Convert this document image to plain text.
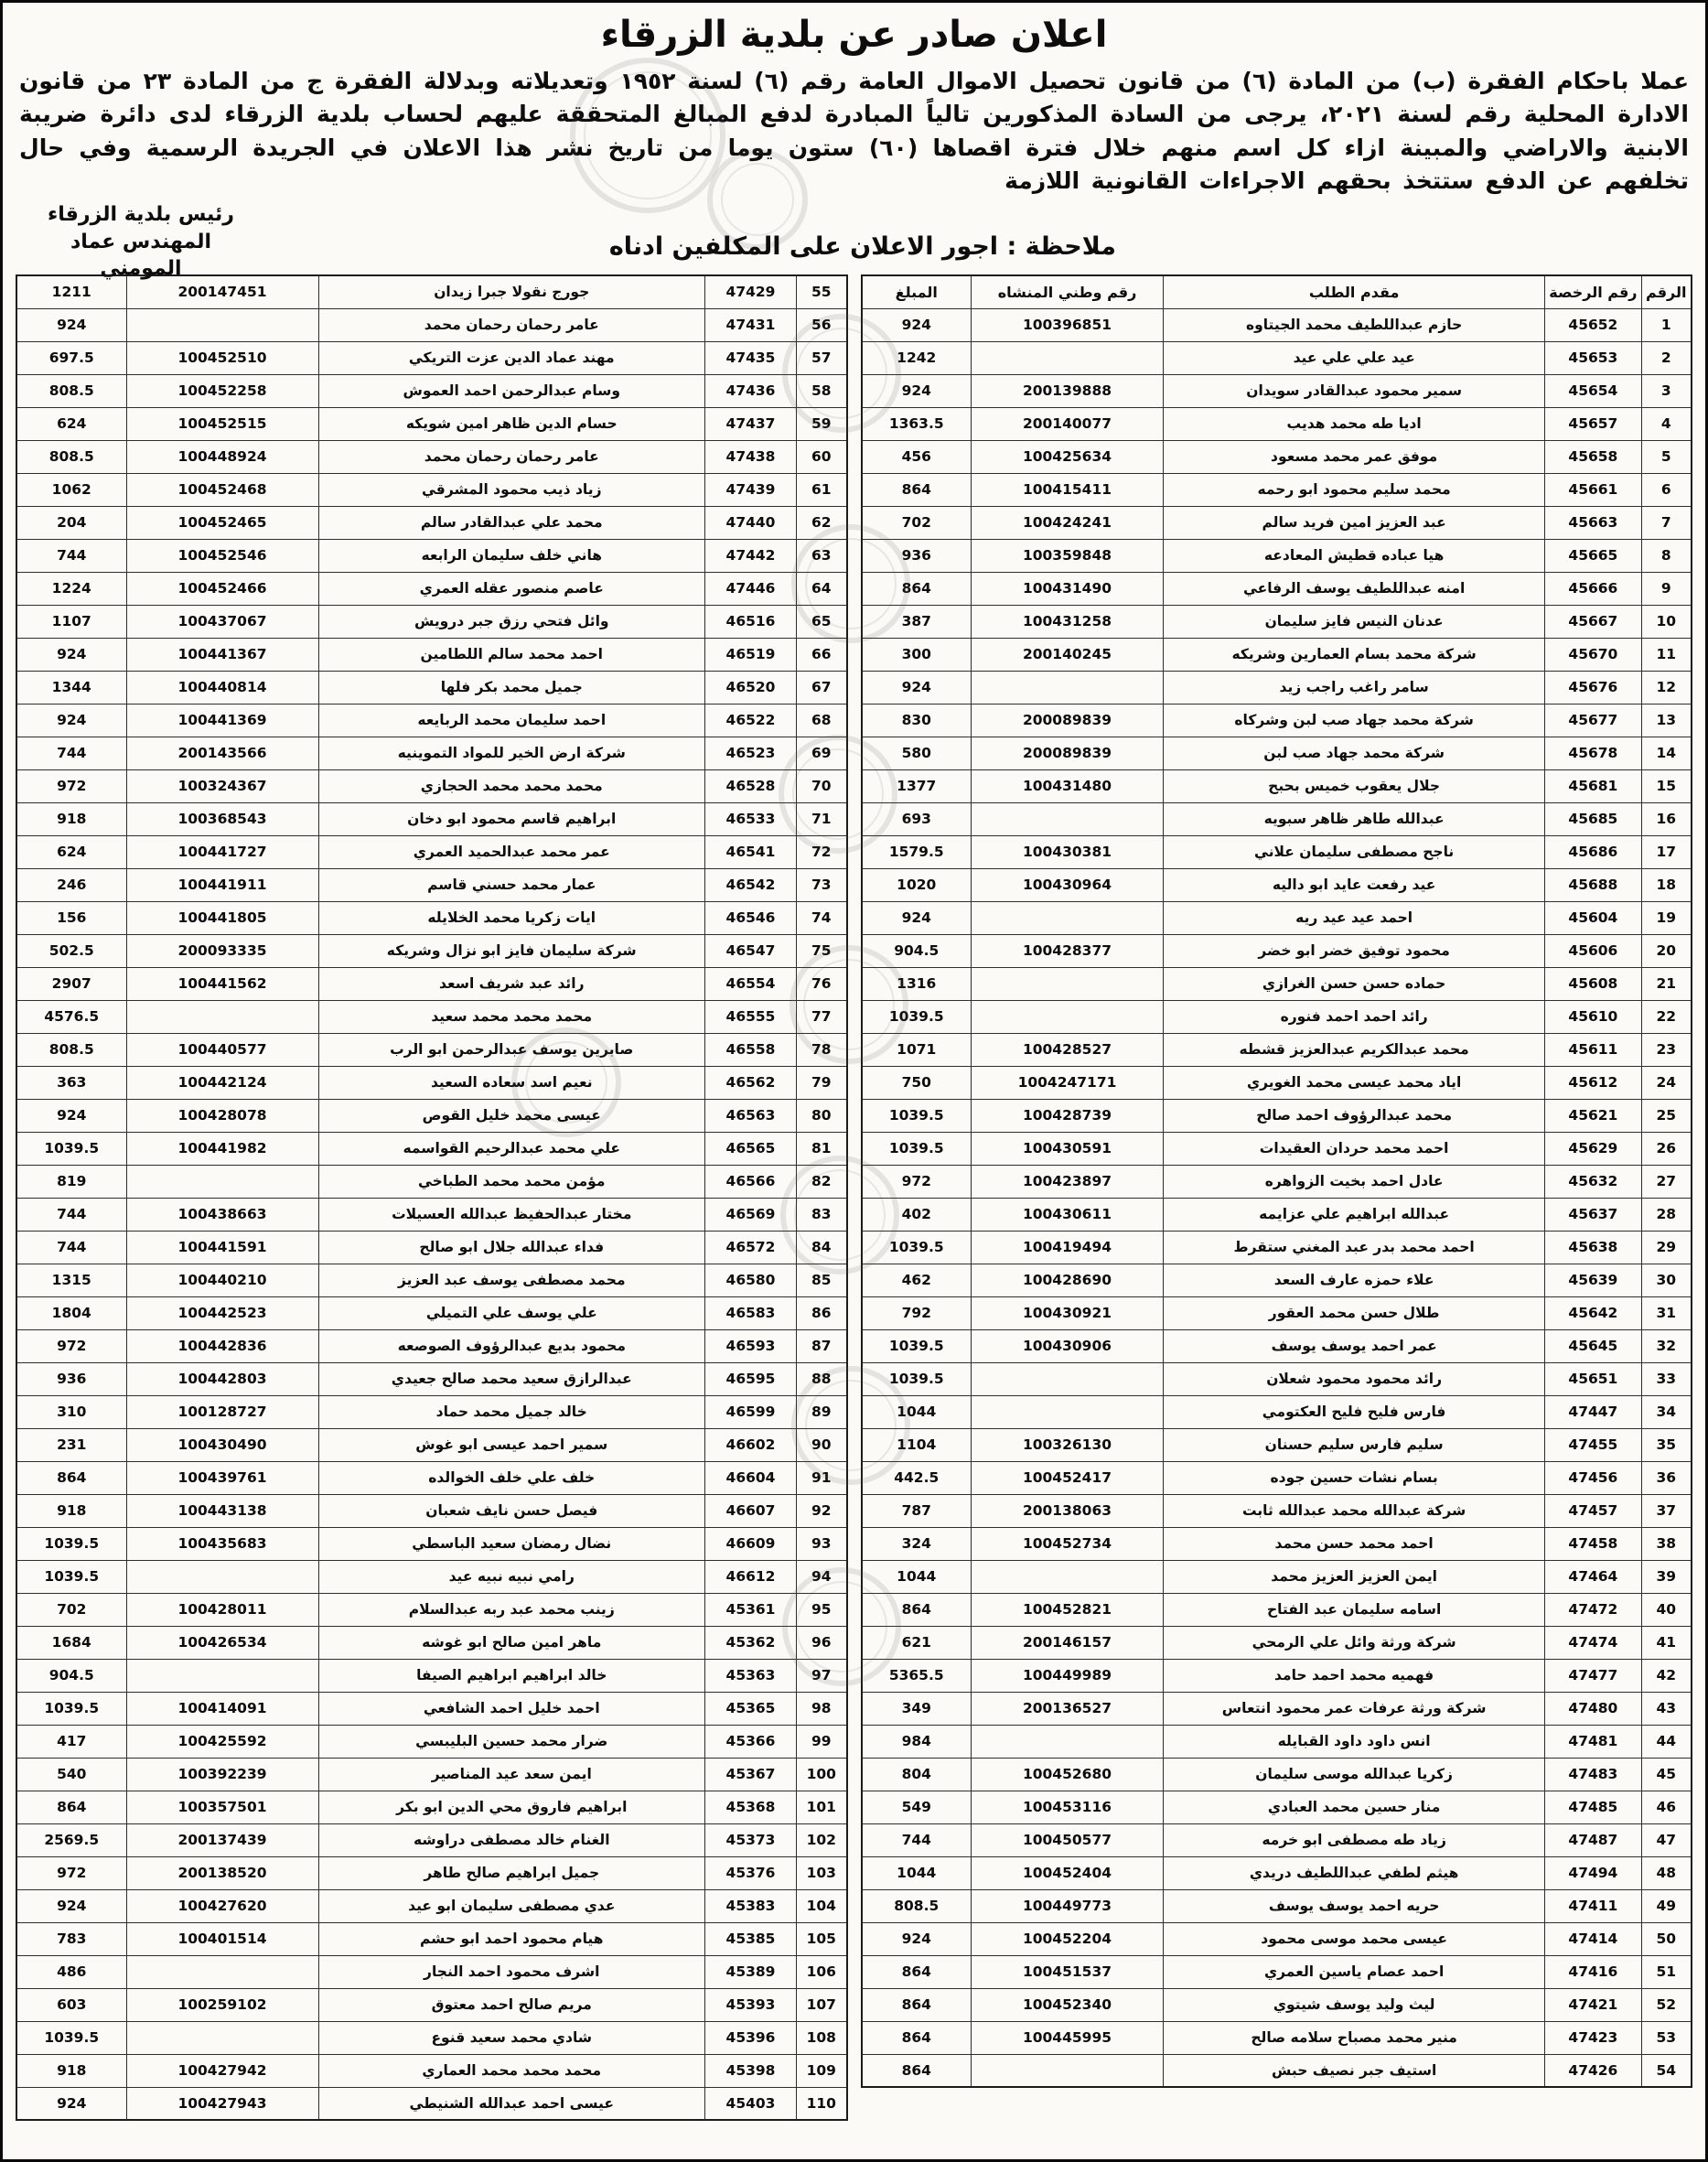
اعلان صادر عن بلدية الزرقاء

عملا باحكام الفقرة (ب) من المادة (٦) من قانون تحصيل الاموال العامة رقم (٦) لسنة ١٩٥٢ وتعديلاته وبدلالة الفقرة ج من المادة ٢٣ من قانون الادارة المحلية رقم لسنة ٢٠٢١، يرجى من السادة المذكورين تالياً المبادرة لدفع المبالغ المتحققة عليهم لحساب بلدية الزرقاء لدى دائرة ضريبة الابنية والاراضي والمبينة ازاء كل اسم منهم خلال فترة اقصاها (٦٠) ستون يوما من تاريخ نشر هذا الاعلان في الجريدة الرسمية وفي حال تخلفهم عن الدفع ستتخذ بحقهم الاجراءات القانونية اللازمة

ملاحظة : اجور الاعلان على المكلفين ادناه
رئيس بلدية الزرقاء
المهندس عماد المومني
الرقم	رقم الرخصة	مقدم الطلب	رقم وطني المنشاه	المبلغ
1	45652	حازم عبداللطيف محمد الجيتاوه	100396851	924
2	45653	عيد علي علي عيد		1242
3	45654	سمير محمود عبدالقادر سويدان	200139888	924
4	45657	اديا طه محمد هديب	200140077	1363.5
5	45658	موفق عمر محمد مسعود	100425634	456
6	45661	محمد سليم محمود ابو رحمه	100415411	864
7	45663	عبد العزيز امين فريد سالم	100424241	702
8	45665	هيا عباده قطيش المعادعه	100359848	936
9	45666	امنه عبداللطيف يوسف الرفاعي	100431490	864
10	45667	عدنان النيس فايز سليمان	100431258	387
11	45670	شركة محمد بسام العمارين وشريكه	200140245	300
12	45676	سامر راغب راجب زيد		924
13	45677	شركة محمد جهاد صب لبن وشركاه	200089839	830
14	45678	شركة محمد جهاد صب لبن	200089839	580
15	45681	جلال يعقوب خميس بحبح	100431480	1377
16	45685	عبدالله طاهر ظاهر سبويه		693
17	45686	ناجح مصطفى سليمان علاني	100430381	1579.5
18	45688	عيد رفعت عايد ابو داليه	100430964	1020
19	45604	احمد عيد عيد ريه		924
20	45606	محمود توفيق خضر ابو خضر	100428377	904.5
21	45608	حماده حسن حسن الغرازي		1316
22	45610	رائد احمد احمد فنوره		1039.5
23	45611	محمد عبدالكريم عبدالعزيز قشطه	100428527	1071
24	45612	اياد محمد عيسى محمد الغويري	1004247171	750
25	45621	محمد عبدالرؤوف احمد صالح	100428739	1039.5
26	45629	احمد محمد حردان العقيدات	100430591	1039.5
27	45632	عادل احمد بخيت الزواهره	100423897	972
28	45637	عبدالله ابراهيم علي عزايمه	100430611	402
29	45638	احمد محمد بدر عبد المغني ستقرط	100419494	1039.5
30	45639	علاء حمزه عارف السعد	100428690	462
31	45642	طلال حسن محمد العقور	100430921	792
32	45645	عمر احمد يوسف يوسف	100430906	1039.5
33	45651	رائد محمود محمود شعلان		1039.5
34	47447	فارس فليح فليح العكتومي		1044
35	47455	سليم فارس سليم حسنان	100326130	1104
36	47456	بسام نشات حسين جوده	100452417	442.5
37	47457	شركة عبدالله محمد عبدالله ثابت	200138063	787
38	47458	احمد محمد حسن محمد	100452734	324
39	47464	ايمن العزيز العزيز محمد		1044
40	47472	اسامه سليمان عبد الفتاح	100452821	864
41	47474	شركة ورثة وائل علي الرمحي	200146157	621
42	47477	فهميه محمد احمد حامد	100449989	5365.5
43	47480	شركة ورثة عرفات عمر محمود انتعاس	200136527	349
44	47481	انس داود داود القبايله		984
45	47483	زكريا عبدالله موسى سليمان	100452680	804
46	47485	منار حسين محمد العبادي	100453116	549
47	47487	زياد طه مصطفى ابو خرمه	100450577	744
48	47494	هيثم لطفي عبداللطيف دريدي	100452404	1044
49	47411	حريه احمد يوسف يوسف	100449773	808.5
50	47414	عيسى محمد موسى محمود	100452204	924
51	47416	احمد عصام ياسين العمري	100451537	864
52	47421	ليث وليد يوسف شيتوي	100452340	864
53	47423	منير محمد مصباح سلامه صالح	100445995	864
54	47426	استيف جبر نصيف حبش		864
55	47429	جورج نقولا جبرا زيدان	200147451	1211
56	47431	عامر رحمان رحمان محمد		924
57	47435	مهند عماد الدين عزت التريكي	100452510	697.5
58	47436	وسام عبدالرحمن احمد العموش	100452258	808.5
59	47437	حسام الدين ظاهر امين شويكه	100452515	624
60	47438	عامر رحمان رحمان محمد	100448924	808.5
61	47439	زياد ذيب محمود المشرقي	100452468	1062
62	47440	محمد علي عبدالقادر سالم	100452465	204
63	47442	هاني خلف سليمان الرابعه	100452546	744
64	47446	عاصم منصور عقله العمري	100452466	1224
65	46516	وائل فتحي رزق جبر درويش	100437067	1107
66	46519	احمد محمد سالم اللطامين	100441367	924
67	46520	جميل محمد بكر فلها	100440814	1344
68	46522	احمد سليمان محمد الربايعه	100441369	924
69	46523	شركة ارض الخير للمواد التموينيه	200143566	744
70	46528	محمد محمد محمد الحجازي	100324367	972
71	46533	ابراهيم قاسم محمود ابو دخان	100368543	918
72	46541	عمر محمد عبدالحميد العمري	100441727	624
73	46542	عمار محمد حسني قاسم	100441911	246
74	46546	ايات زكريا محمد الخلايله	100441805	156
75	46547	شركة سليمان فايز ابو نزال وشريكه	200093335	502.5
76	46554	رائد عبد شريف اسعد	100441562	2907
77	46555	محمد محمد محمد سعيد		4576.5
78	46558	صابرين يوسف عبدالرحمن ابو الرب	100440577	808.5
79	46562	نعيم اسد سعاده السعيد	100442124	363
80	46563	عيسى محمد خليل القوص	100428078	924
81	46565	علي محمد عبدالرحيم القواسمه	100441982	1039.5
82	46566	مؤمن محمد محمد الطباخي		819
83	46569	مختار عبدالحفيظ عبدالله العسيلات	100438663	744
84	46572	فداء عبدالله جلال ابو صالح	100441591	744
85	46580	محمد مصطفى يوسف عبد العزيز	100440210	1315
86	46583	علي يوسف علي التميلي	100442523	1804
87	46593	محمود بديع عبدالرؤوف الصوصعه	100442836	972
88	46595	عبدالرازق سعيد محمد صالح جعيدي	100442803	936
89	46599	خالد جميل محمد حماد	100128727	310
90	46602	سمير احمد عيسى ابو غوش	100430490	231
91	46604	خلف علي خلف الخوالده	100439761	864
92	46607	فيصل حسن نايف شعبان	100443138	918
93	46609	نضال رمضان سعيد الباسطي	100435683	1039.5
94	46612	رامي نبيه نبيه عيد		1039.5
95	45361	زينب محمد عبد ربه عبدالسلام	100428011	702
96	45362	ماهر امين صالح ابو غوشه	100426534	1684
97	45363	خالد ابراهيم ابراهيم الصيفا		904.5
98	45365	احمد خليل احمد الشافعي	100414091	1039.5
99	45366	ضرار محمد حسين البليبسي	100425592	417
100	45367	ايمن سعد عيد المناصير	100392239	540
101	45368	ابراهيم فاروق محي الدين ابو بكر	100357501	864
102	45373	الغنام خالد مصطفى دراوشه	200137439	2569.5
103	45376	جميل ابراهيم صالح طاهر	200138520	972
104	45383	عدي مصطفى سليمان ابو عيد	100427620	924
105	45385	هيام محمود احمد ابو حشم	100401514	783
106	45389	اشرف محمود احمد النجار		486
107	45393	مريم صالح احمد معتوق	100259102	603
108	45396	شادي محمد سعيد قنوع		1039.5
109	45398	محمد محمد محمد العماري	100427942	918
110	45403	عيسى احمد عبدالله الشنيطي	100427943	924
